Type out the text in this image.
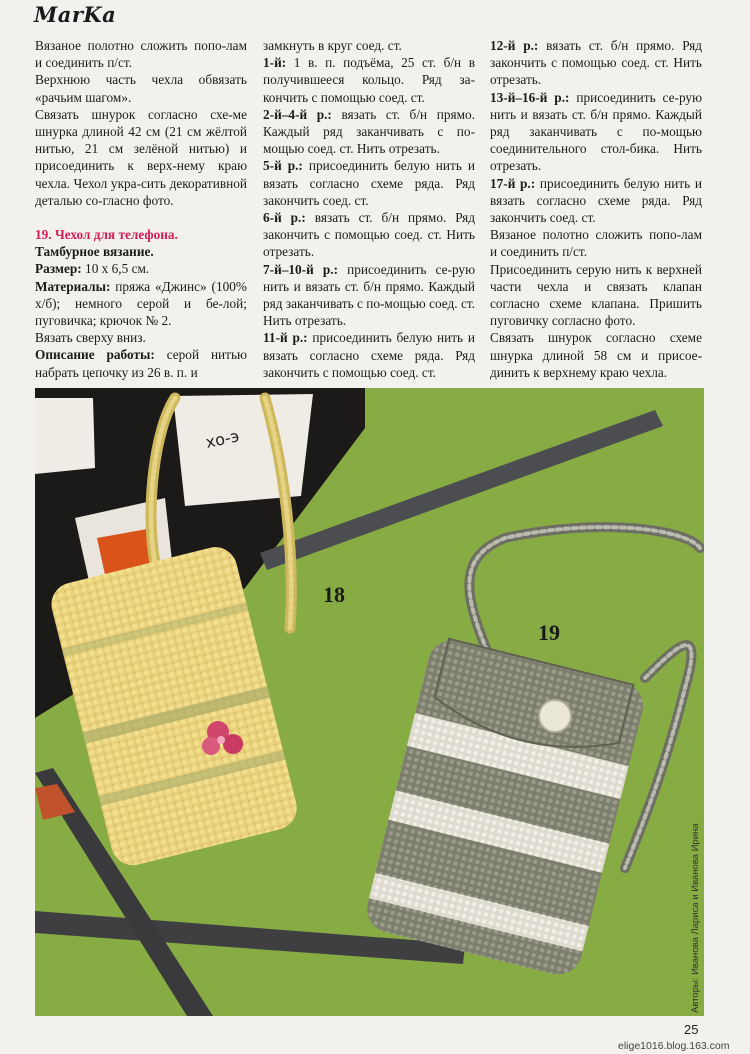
MarKa

Вязаное полотно сложить попо-лам и соединить п/ст.

Верхнюю часть чехла обвязать «рачьим шагом».

Связать шнурок согласно схе-ме шнурка длиной 42 см (21 см жёлтой нитью, 21 см зелёной нитью) и присоединить к верх-нему краю чехла. Чехол укра-сить декоративной деталью со-гласно фото.

19. Чехол для телефона.

Тамбурное вязание.

Размер: 10 х 6,5 см.

Материалы: пряжа «Джинс» (100% х/б); немного серой и бе-лой; пуговичка; крючок № 2.

Вязать сверху вниз.

Описание работы: серой нитью набрать цепочку из 26 в. п. и

замкнуть в круг соед. ст.

1-й: 1 в. п. подъёма, 25 ст. б/н в получившееся кольцо. Ряд за-кончить с помощью соед. ст.

2-й–4-й р.: вязать ст. б/н прямо. Каждый ряд заканчивать с по-мощью соед. ст. Нить отрезать.

5-й р.: присоединить белую нить и вязать согласно схеме ряда. Ряд закончить соед. ст.

6-й р.: вязать ст. б/н прямо. Ряд закончить с помощью соед. ст. Нить отрезать.

7-й–10-й р.: присоединить се-рую нить и вязать ст. б/н прямо. Каждый ряд заканчивать с по-мощью соед. ст. Нить отрезать.

11-й р.: присоединить белую нить и вязать согласно схеме ряда. Ряд закончить с помощью соед. ст.

12-й р.: вязать ст. б/н прямо. Ряд закончить с помощью соед. ст. Нить отрезать.

13-й–16-й р.: присоединить се-рую нить и вязать ст. б/н прямо. Каждый ряд заканчивать с по-мощью соединительного стол-бика. Нить отрезать.

17-й р.: присоединить белую нить и вязать согласно схеме ряда. Ряд закончить соед. ст.

Вязаное полотно сложить попо-лам и соединить п/ст.

Присоединить серую нить к верхней части чехла и связать клапан согласно схеме клапана. Пришить пуговичку согласно фото.

Связать шнурок согласно схеме шнурка длиной 58 см и присое-динить к верхнему краю чехла.

хо-э
18
19
Авторы: Иванова Лариса и Иванова Ирина
25
elige1016.blog.163.com
